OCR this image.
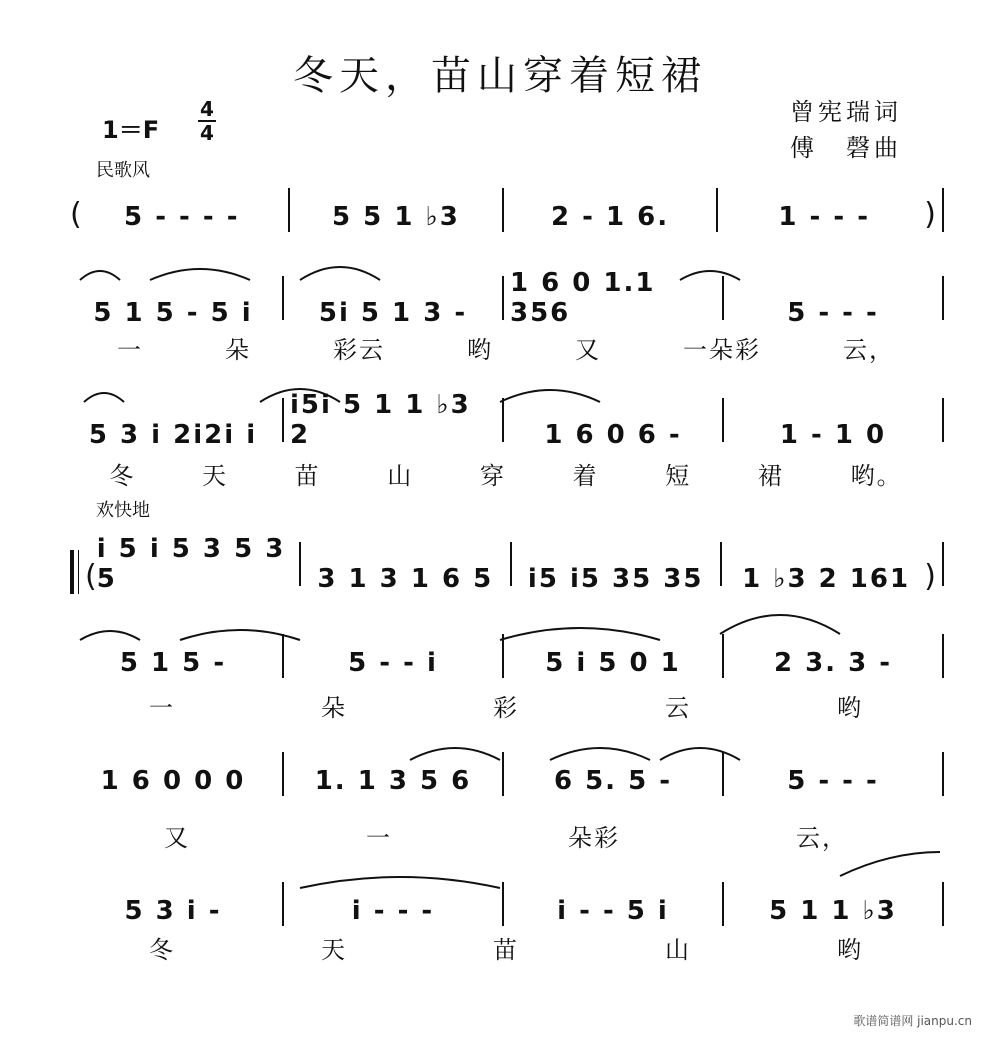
冬天，苗山穿着短裙
曾宪瑞词
傅　磬曲
1＝F
4
4
民歌风
欢快地
(	5 - - - -	5 5 1 ♭3	2 - 1 6.	1 - - -	)
5 1 5 - 5 i	5i 5 1 3 -
1 6 0 1.1 356	5 - - -
一	朵	彩云	哟	又	一朵彩	云，
5 3 i 2i2i i
i5i 5 1 1 ♭3 2	1 6 0 6 -	1 - 1 0
冬	天	苗	山	穿	着	短	裙	哟。
(
i 5 i 5 3 5 3 5	3 1 3 1 6 5	i5 i5 35 35	1 ♭3 2 161 )
5 1 5 -	5 - - i	5 i 5 0 1	2 3. 3 -
一	朵	彩	云	哟
1 6 0 0 0	1. 1 3 5 6	6 5. 5 -	5 - - -
又	一	朵彩	云，
5 3 i -	i - - -	i - - 5 i	5 1 1 ♭3
冬	天	苗	山	哟
歌谱简谱网 jianpu.cn
